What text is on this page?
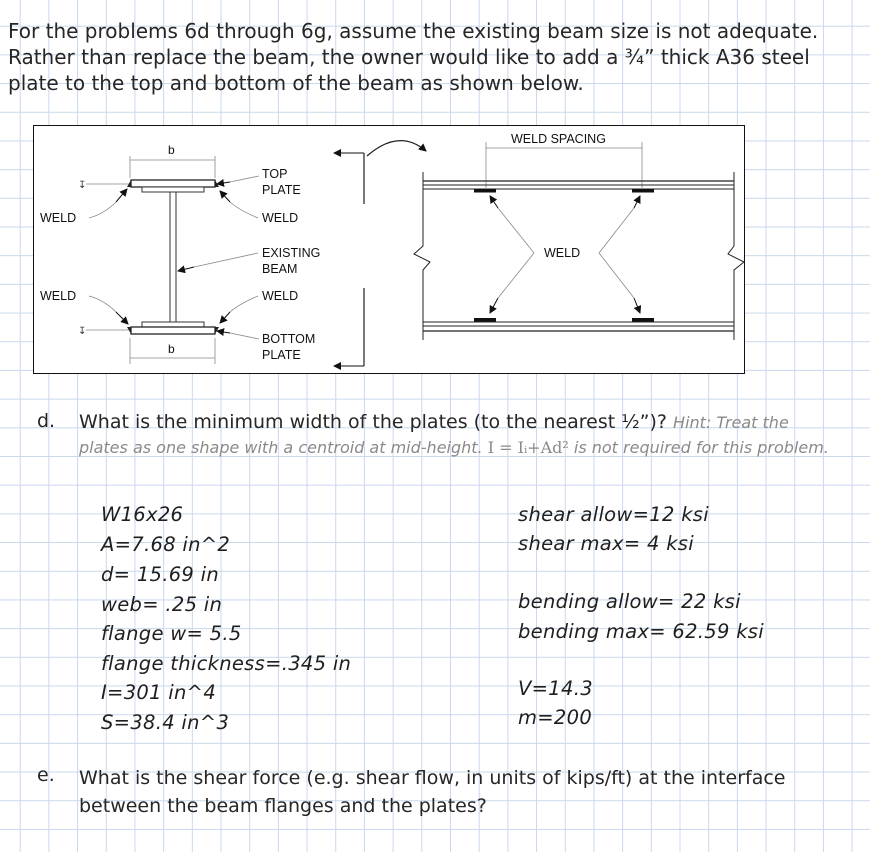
For the problems 6d through 6g, assume the existing beam size is not adequate.
Rather than replace the beam, the owner would like to add a ¾” thick A36 steel
plate to the top and bottom of the beam as shown below.
↧
↧
b
b
WELD
WELD
TOP
PLATE
WELD
EXISTING
BEAM
WELD
BOTTOM
PLATE
WELD SPACING
WELD
d. What is the minimum width of the plates (to the nearest ½”)? Hint: Treat the
plates as one shape with a centroid at mid-height. I = Iᵢ+Ad² is not required for this problem.
W16x26
A=7.68 in^2
d= 15.69 in
web= .25 in
flange w= 5.5
flange thickness=.345 in
I=301 in^4
S=38.4 in^3
shear allow=12 ksi
shear max= 4 ksi
bending allow= 22 ksi
bending max= 62.59 ksi
V=14.3
m=200
e. What is the shear force (e.g. shear flow, in units of kips/ft) at the interface
between the beam flanges and the plates?
